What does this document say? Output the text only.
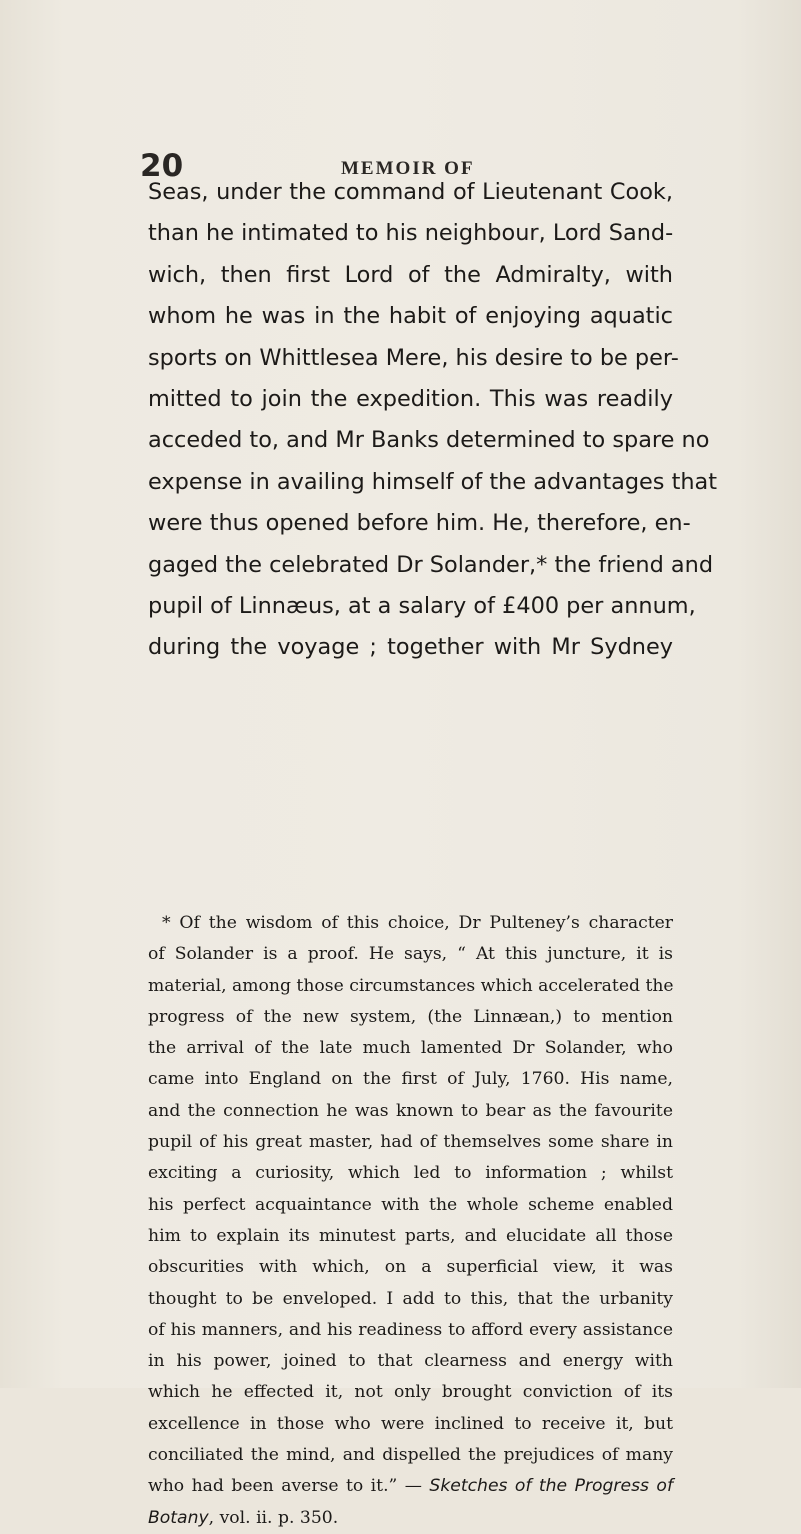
20	MEMOIR OF
Seas, under the command of Lieutenant Cook,
than he intimated to his neighbour, Lord Sand-
wich, then first Lord of the Admiralty, with
whom he was in the habit of enjoying aquatic
sports on Whittlesea Mere, his desire to be per-
mitted to join the expedition. This was readily
acceded to, and Mr Banks determined to spare no
expense in availing himself of the advantages that
were thus opened before him. He, therefore, en-
gaged the celebrated Dr Solander,* the friend and
pupil of Linnæus, at a salary of £400 per annum,
during the voyage ; together with Mr Sydney
* Of the wisdom of this choice, Dr Pulteney’s character
of Solander is a proof. He says, “ At this juncture, it is
material, among those circumstances which accelerated the
progress of the new system, (the Linnæan,) to mention
the arrival of the late much lamented Dr Solander, who
came into England on the first of July, 1760. His name,
and the connection he was known to bear as the favourite
pupil of his great master, had of themselves some share in
exciting a curiosity, which led to information ; whilst
his perfect acquaintance with the whole scheme enabled
him to explain its minutest parts, and elucidate all those
obscurities with which, on a superficial view, it was
thought to be enveloped. I add to this, that the urbanity
of his manners, and his readiness to afford every assistance
in his power, joined to that clearness and energy with
which he effected it, not only brought conviction of its
excellence in those who were inclined to receive it, but
conciliated the mind, and dispelled the prejudices of many
who had been averse to it.” — Sketches of the Progress of
Botany, vol. ii. p. 350.
